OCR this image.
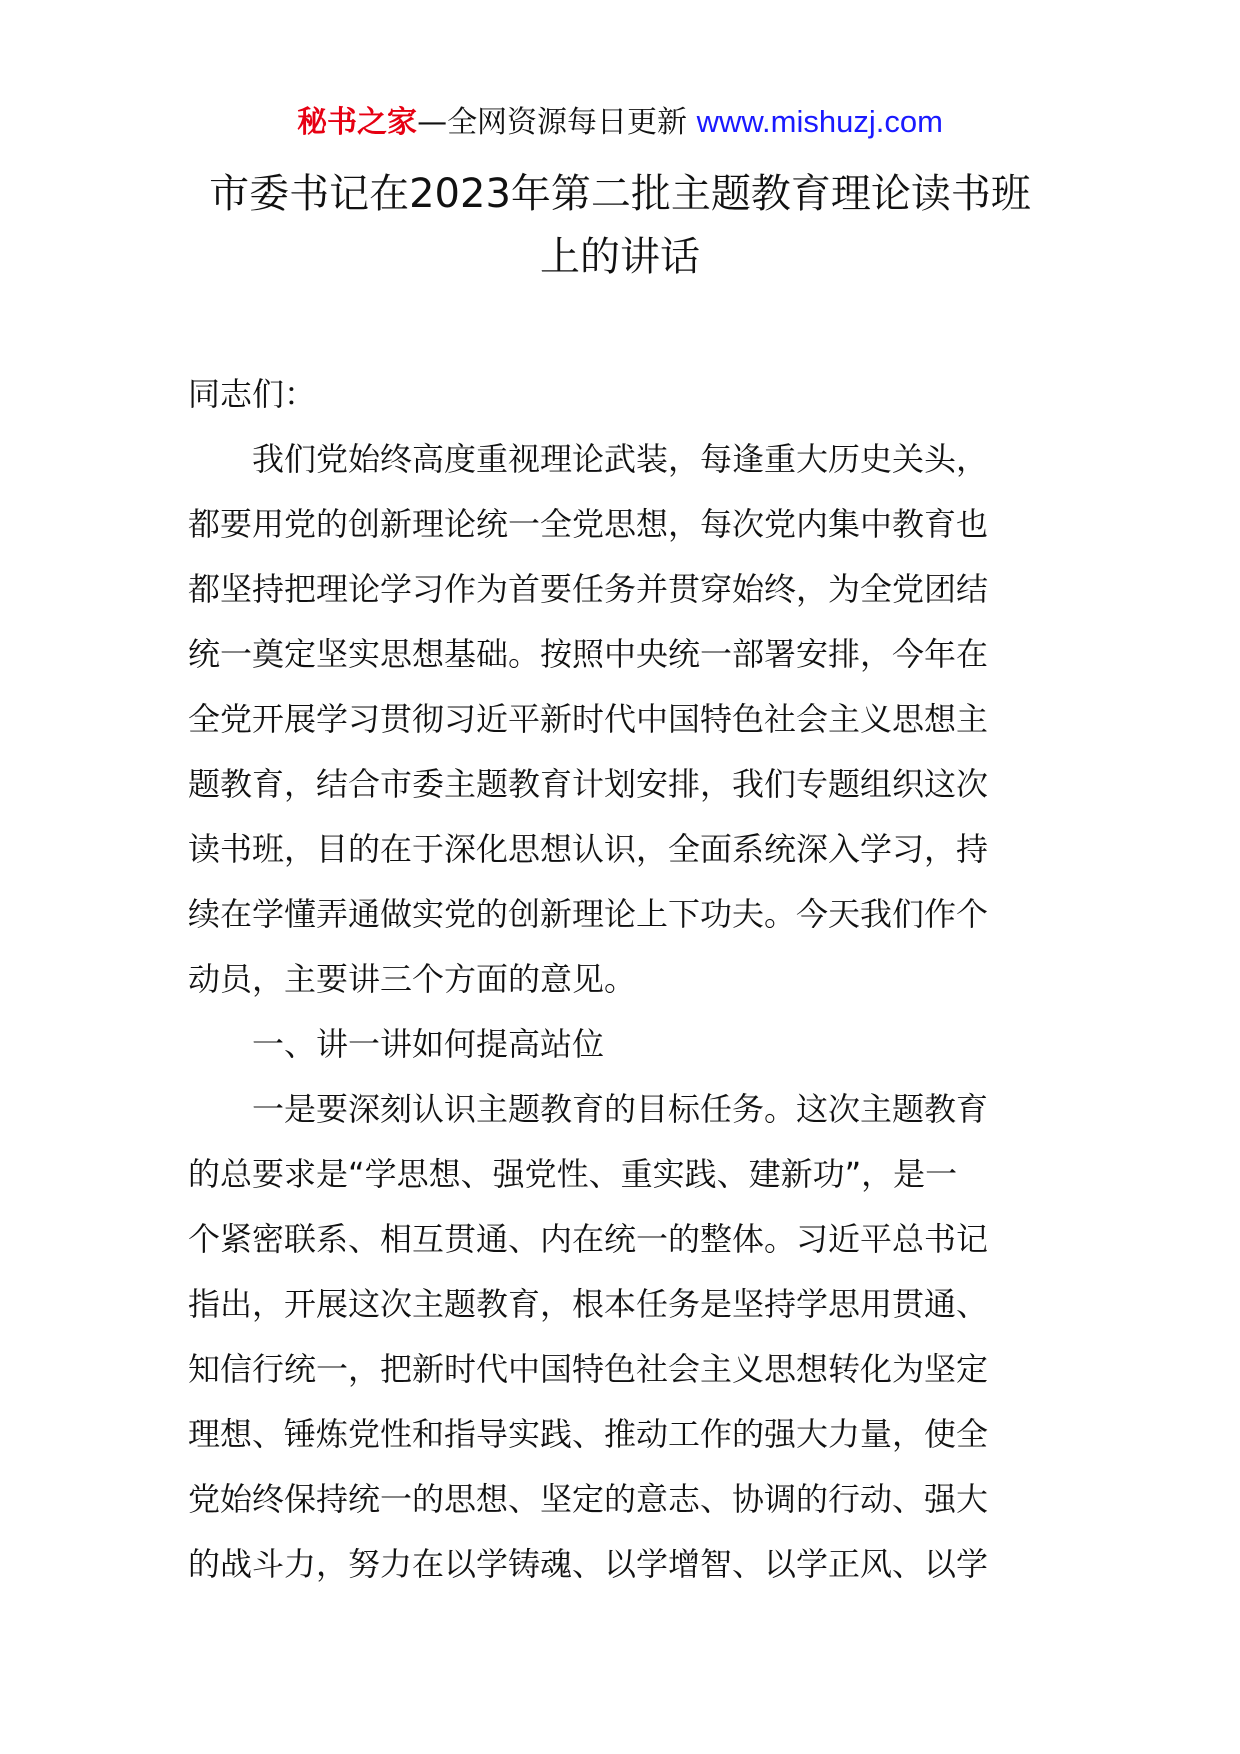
秘书之家—全网资源每日更新 www.mishuzj.com
市委书记在2023年第二批主题教育理论读书班
上的讲话

同志们：

我们党始终高度重视理论武装，每逢重大历史关头，
都要用党的创新理论统一全党思想，每次党内集中教育也
都坚持把理论学习作为首要任务并贯穿始终，为全党团结
统一奠定坚实思想基础。按照中央统一部署安排，今年在
全党开展学习贯彻习近平新时代中国特色社会主义思想主
题教育，结合市委主题教育计划安排，我们专题组织这次
读书班，目的在于深化思想认识，全面系统深入学习，持
续在学懂弄通做实党的创新理论上下功夫。今天我们作个
动员，主要讲三个方面的意见。

一、讲一讲如何提高站位

一是要深刻认识主题教育的目标任务。这次主题教育
的总要求是“学思想、强党性、重实践、建新功”，是一
个紧密联系、相互贯通、内在统一的整体。习近平总书记
指出，开展这次主题教育，根本任务是坚持学思用贯通、
知信行统一，把新时代中国特色社会主义思想转化为坚定
理想、锤炼党性和指导实践、推动工作的强大力量，使全
党始终保持统一的思想、坚定的意志、协调的行动、强大
的战斗力，努力在以学铸魂、以学增智、以学正风、以学
